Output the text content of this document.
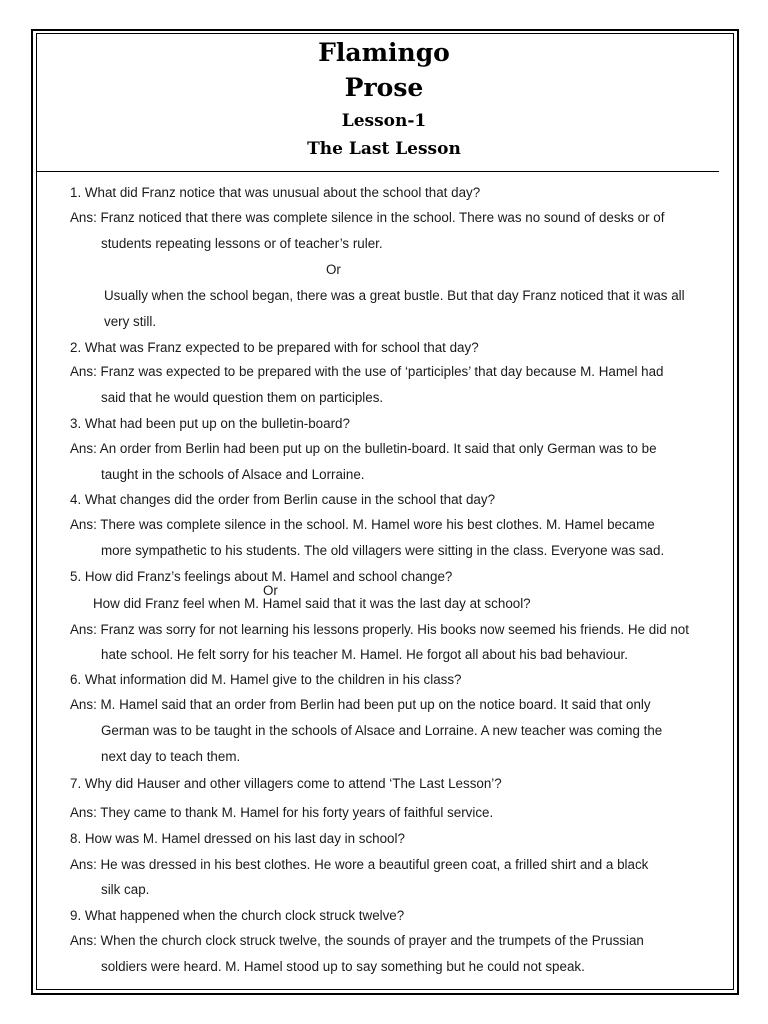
Flamingo
Prose
Lesson-1
The Last Lesson
1. What did Franz notice that was unusual about the school that day?
Ans: Franz noticed that there was complete silence in the school. There was no sound of desks or of
students repeating lessons or of teacher’s ruler.
Or
Usually when the school began, there was a great bustle. But that day Franz noticed that it was all
very still.
2. What was Franz expected to be prepared with for school that day?
Ans: Franz was expected to be prepared with the use of ‘participles’ that day because M. Hamel had
said that he would question them on participles.
3. What had been put up on the bulletin-board?
Ans: An order from Berlin had been put up on the bulletin-board. It said that only German was to be
taught in the schools of Alsace and Lorraine.
4. What changes did the order from Berlin cause in the school that day?
Ans: There was complete silence in the school. M. Hamel wore his best clothes. M. Hamel became
more sympathetic to his students. The old villagers were sitting in the class. Everyone was sad.
5. How did Franz’s feelings about M. Hamel and school change?
Or
How did Franz feel when M. Hamel said that it was the last day at school?
Ans: Franz was sorry for not learning his lessons properly. His books now seemed his friends. He did not
hate school. He felt sorry for his teacher M. Hamel. He forgot all about his bad behaviour.
6. What information did M. Hamel give to the children in his class?
Ans: M. Hamel said that an order from Berlin had been put up on the notice board. It said that only
German was to be taught in the schools of Alsace and Lorraine. A new teacher was coming the
next day to teach them.
7. Why did Hauser and other villagers come to attend ‘The Last Lesson’?
Ans: They came to thank M. Hamel for his forty years of faithful service.
8. How was M. Hamel dressed on his last day in school?
Ans: He was dressed in his best clothes. He wore a beautiful green coat, a frilled shirt and a black
silk cap.
9. What happened when the church clock struck twelve?
Ans: When the church clock struck twelve, the sounds of prayer and the trumpets of the Prussian
soldiers were heard. M. Hamel stood up to say something but he could not speak.
